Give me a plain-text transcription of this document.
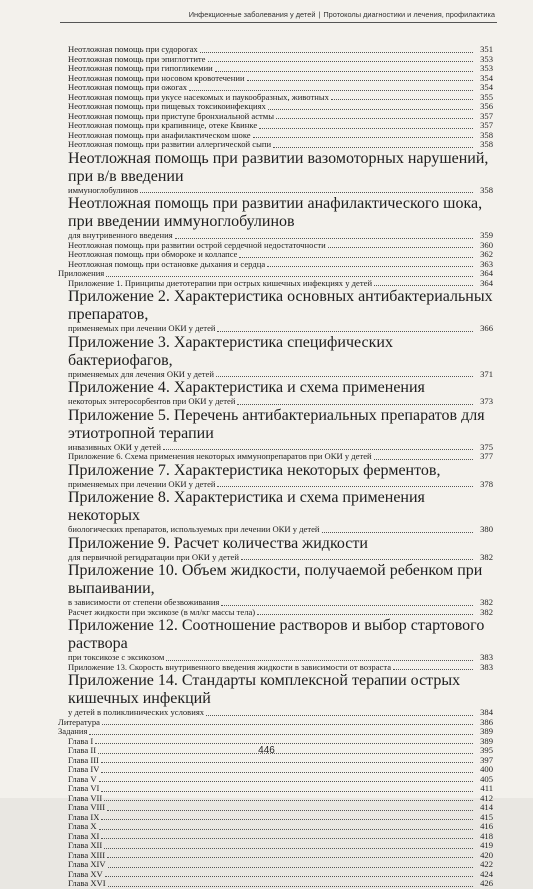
Инфекционные заболевания у детей | Протоколы диагностики и лечения, профилактика
Неотложная помощь при судорогах	351
Неотложная помощь при эпиглоттите	353
Неотложная помощь при гипогликемии	353
Неотложная помощь при носовом кровотечении	354
Неотложная помощь при ожогах	354
Неотложная помощь при укусе насекомых и паукообразных, животных	355
Неотложная помощь при пищевых токсикоинфекциях	356
Неотложная помощь при приступе бронхиальной астмы	357
Неотложная помощь при крапивнице, отеке Квинке	357
Неотложная помощь при анафилактическом шоке	358
Неотложная помощь при развитии аллергической сыпи	358
Неотложная помощь при развитии вазомоторных нарушений, при в/в введении
иммуноглобулинов	358
Неотложная помощь при развитии анафилактического шока, при введении иммуноглобулинов
для внутривенного введения	359
Неотложная помощь при развитии острой сердечной недостаточности	360
Неотложная помощь при обмороке и коллапсе	362
Неотложная помощь при остановке дыхания и сердца	363
Приложения	364
Приложение 1. Принципы диетотерапии при острых кишечных инфекциях у детей	364
Приложение 2. Характеристика основных антибактериальных препаратов,
применяемых при лечении ОКИ у детей	366
Приложение 3. Характеристика специфических бактериофагов,
применяемых для лечения ОКИ у детей	371
Приложение 4. Характеристика и схема применения
некоторых энтеросорбентов при ОКИ у детей	373
Приложение 5. Перечень антибактериальных препаратов для этиотропной терапии
инвазивных ОКИ у детей	375
Приложение 6. Схема применения некоторых иммунопрепаратов при ОКИ у детей	377
Приложение 7. Характеристика некоторых ферментов,
применяемых при лечении ОКИ у детей	378
Приложение 8. Характеристика и схема применения некоторых
биологических препаратов, используемых при лечении ОКИ у детей	380
Приложение 9. Расчет количества жидкости
для первичной регидратации при ОКИ у детей	382
Приложение 10. Объем жидкости, получаемой ребенком при выпаивании,
в зависимости от степени обезвоживания	382
Расчет жидкости при эксикозе (в мл/кг массы тела)	382
Приложение 12. Соотношение растворов и выбор стартового раствора
при токсикозе с эксикозом	383
Приложение 13. Скорость внутривенного введения жидкости в зависимости от возраста	383
Приложение 14. Стандарты комплексной терапии острых кишечных инфекций
у детей в поликлинических условиях	384
Литература	386
Задания	389
Глава I	389
Глава II	395
Глава III	397
Глава IV	400
Глава V	405
Глава VI	411
Глава VII	412
Глава VIII	414
Глава IX	415
Глава X	416
Глава XI	418
Глава XII	419
Глава XIII	420
Глава XIV	422
Глава XV	424
Глава XVI	426
446
